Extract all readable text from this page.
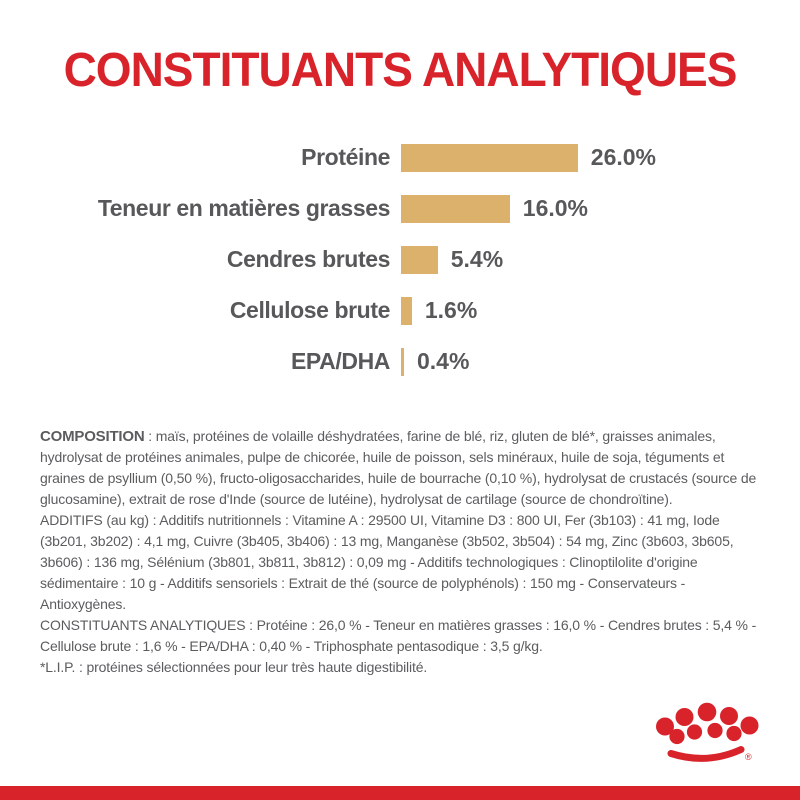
CONSTITUANTS ANALYTIQUES
Protéine	26.0%
Teneur en matières grasses	16.0%
Cendres brutes	5.4%
Cellulose brute 1.6%
EPA/DHA 0.4%

COMPOSITION : maïs, protéines de volaille déshydratées, farine de blé, riz, gluten de blé*, graisses animales, hydrolysat de protéines animales, pulpe de chicorée, huile de poisson, sels minéraux, huile de soja, téguments et graines de psyllium (0,50 %), fructo-oligosaccharides, huile de bourrache (0,10 %), hydrolysat de crustacés (source de glucosamine), extrait de rose d'Inde (source de lutéine), hydrolysat de cartilage (source de chondroïtine).

ADDITIFS (au kg) : Additifs nutritionnels : Vitamine A : 29500 UI, Vitamine D3 : 800 UI, Fer (3b103) : 41 mg, Iode (3b201, 3b202) : 4,1 mg, Cuivre (3b405, 3b406) : 13 mg, Manganèse (3b502, 3b504) : 54 mg, Zinc (3b603, 3b605, 3b606) : 136 mg, Sélénium (3b801, 3b811, 3b812) : 0,09 mg - Additifs technologiques : Clinoptilolite d'origine sédimentaire : 10 g - Additifs sensoriels : Extrait de thé (source de polyphénols) : 150 mg - Conservateurs - Antioxygènes.

CONSTITUANTS ANALYTIQUES : Protéine : 26,0 % - Teneur en matières grasses : 16,0 % - Cendres brutes : 5,4 % - Cellulose brute : 1,6 % - EPA/DHA : 0,40 % - Triphosphate pentasodique : 3,5 g/kg.

*L.I.P. : protéines sélectionnées pour leur très haute digestibilité.

®
